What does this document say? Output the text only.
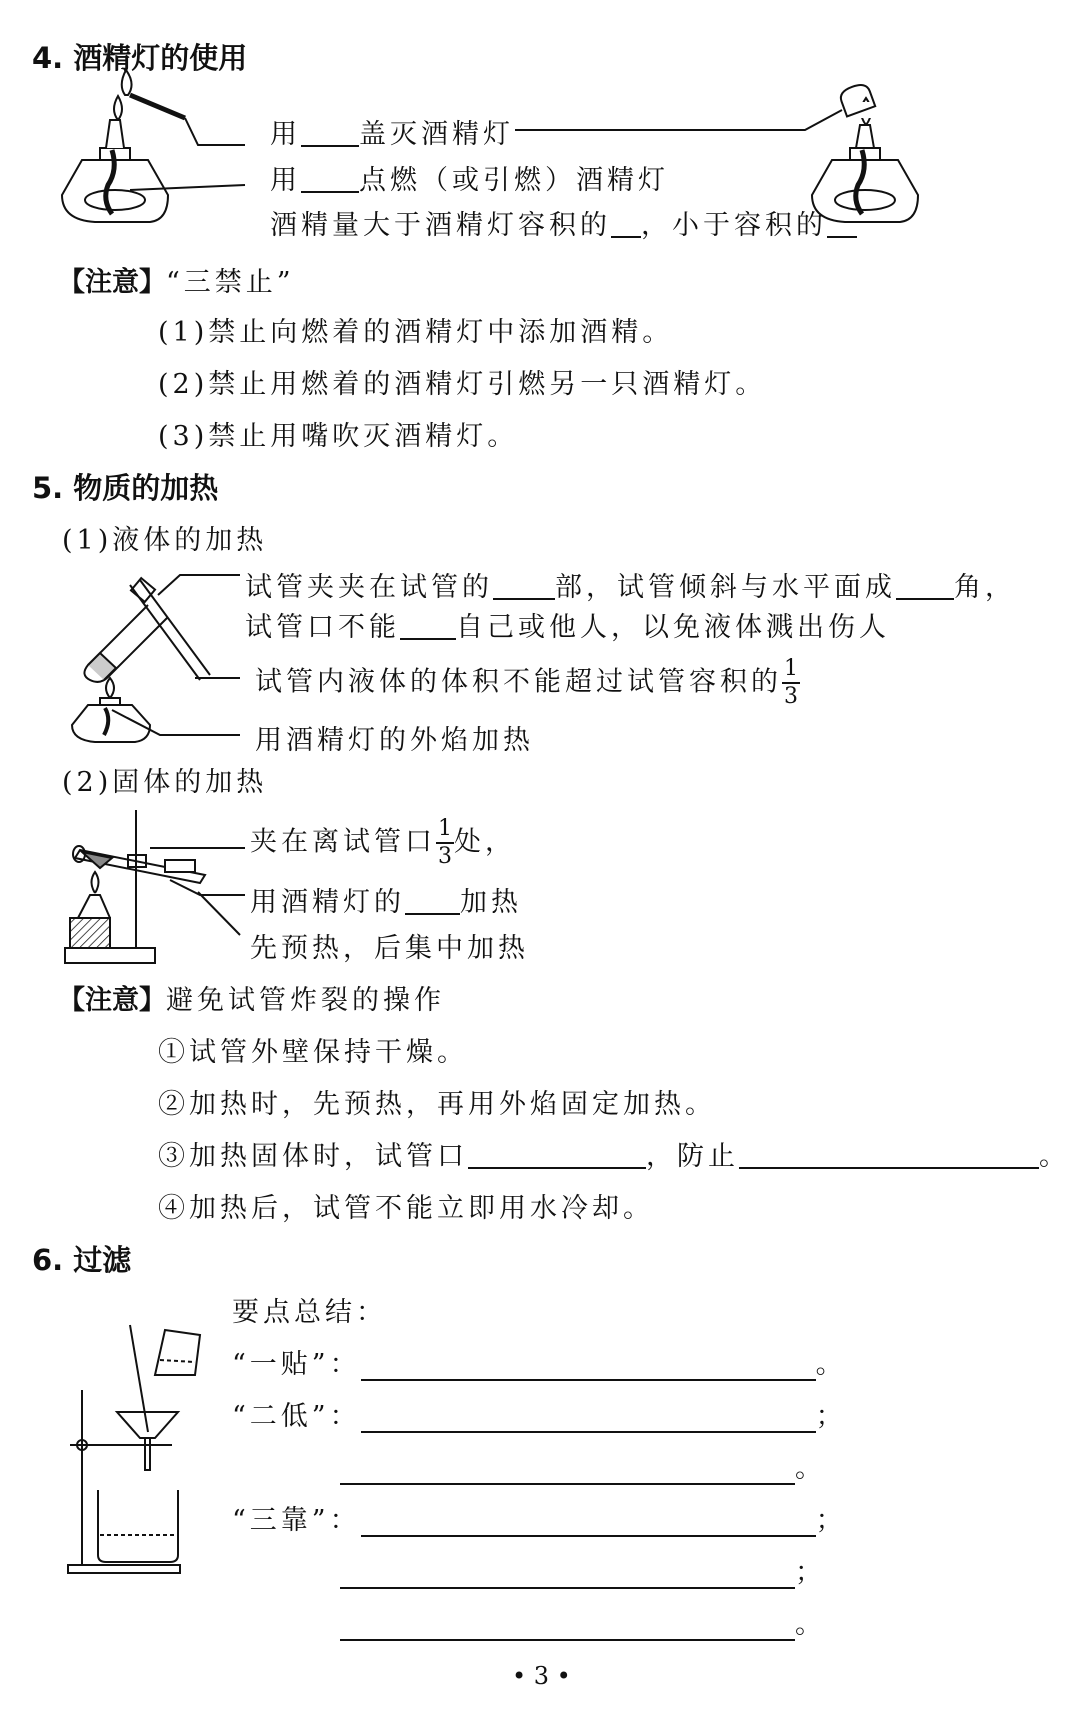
4. 酒精灯的使用
用 盖灭酒精灯
用 点燃（或引燃）酒精灯
酒精量大于酒精灯容积的 ，小于容积的
【注意】“三禁止”
(1)禁止向燃着的酒精灯中添加酒精。
(2)禁止用燃着的酒精灯引燃另一只酒精灯。
(3)禁止用嘴吹灭酒精灯。
5. 物质的加热
(1)液体的加热
试管夹夹在试管的 部，试管倾斜与水平面成 角，
试管口不能 自己或他人，以免液体溅出伤人
试管内液体的体积不能超过试管容积的 $\frac{1}{3}$
用酒精灯的外焰加热
(2)固体的加热
夹在离试管口 $\frac{1}{3}$ 处，
用酒精灯的 加热
先预热，后集中加热
【注意】避免试管炸裂的操作
①试管外壁保持干燥。
②加热时，先预热，再用外焰固定加热。
③加热固体时，试管口	，防止	。
④加热后，试管不能立即用水冷却。
6. 过滤
要点总结：
“一贴”：	。
“二低”：	；
。
“三靠”：	；
；
。
• 3 •
